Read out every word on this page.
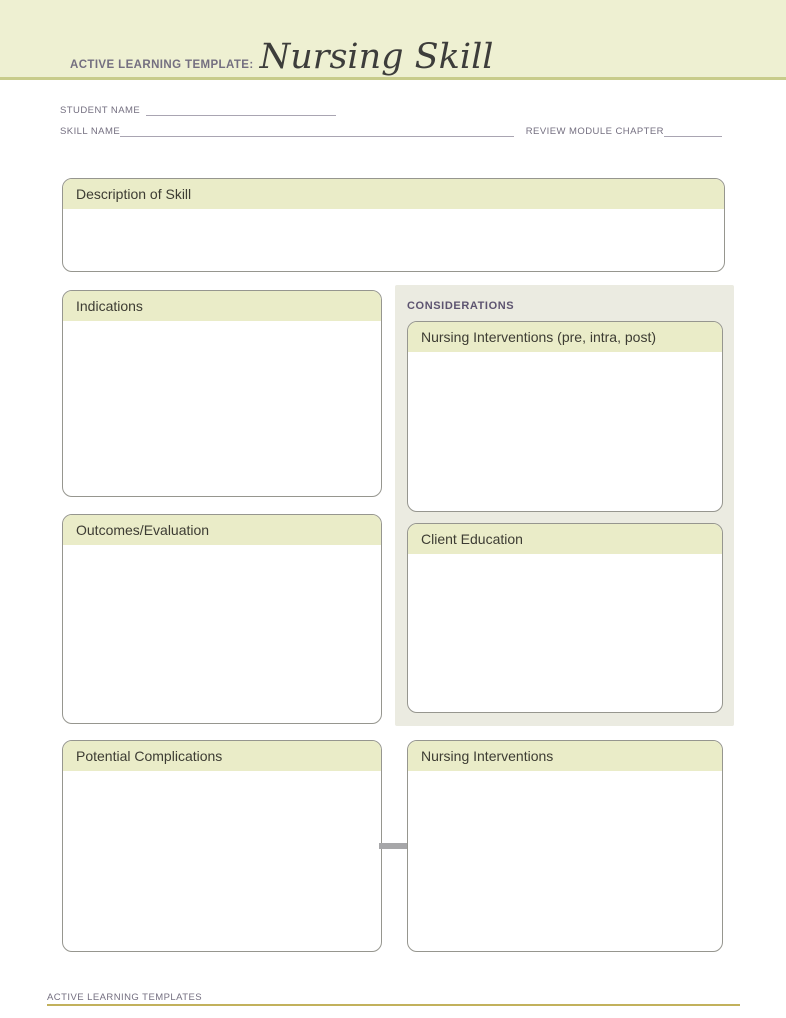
ACTIVE LEARNING TEMPLATE: Nursing Skill
STUDENT NAME
SKILL NAME	REVIEW MODULE CHAPTER
Description of Skill
Indications	CONSIDERATIONS
Nursing Interventions (pre, intra, post)
Client Education
Outcomes/Evaluation
Potential Complications	Nursing Interventions
ACTIVE LEARNING TEMPLATES
